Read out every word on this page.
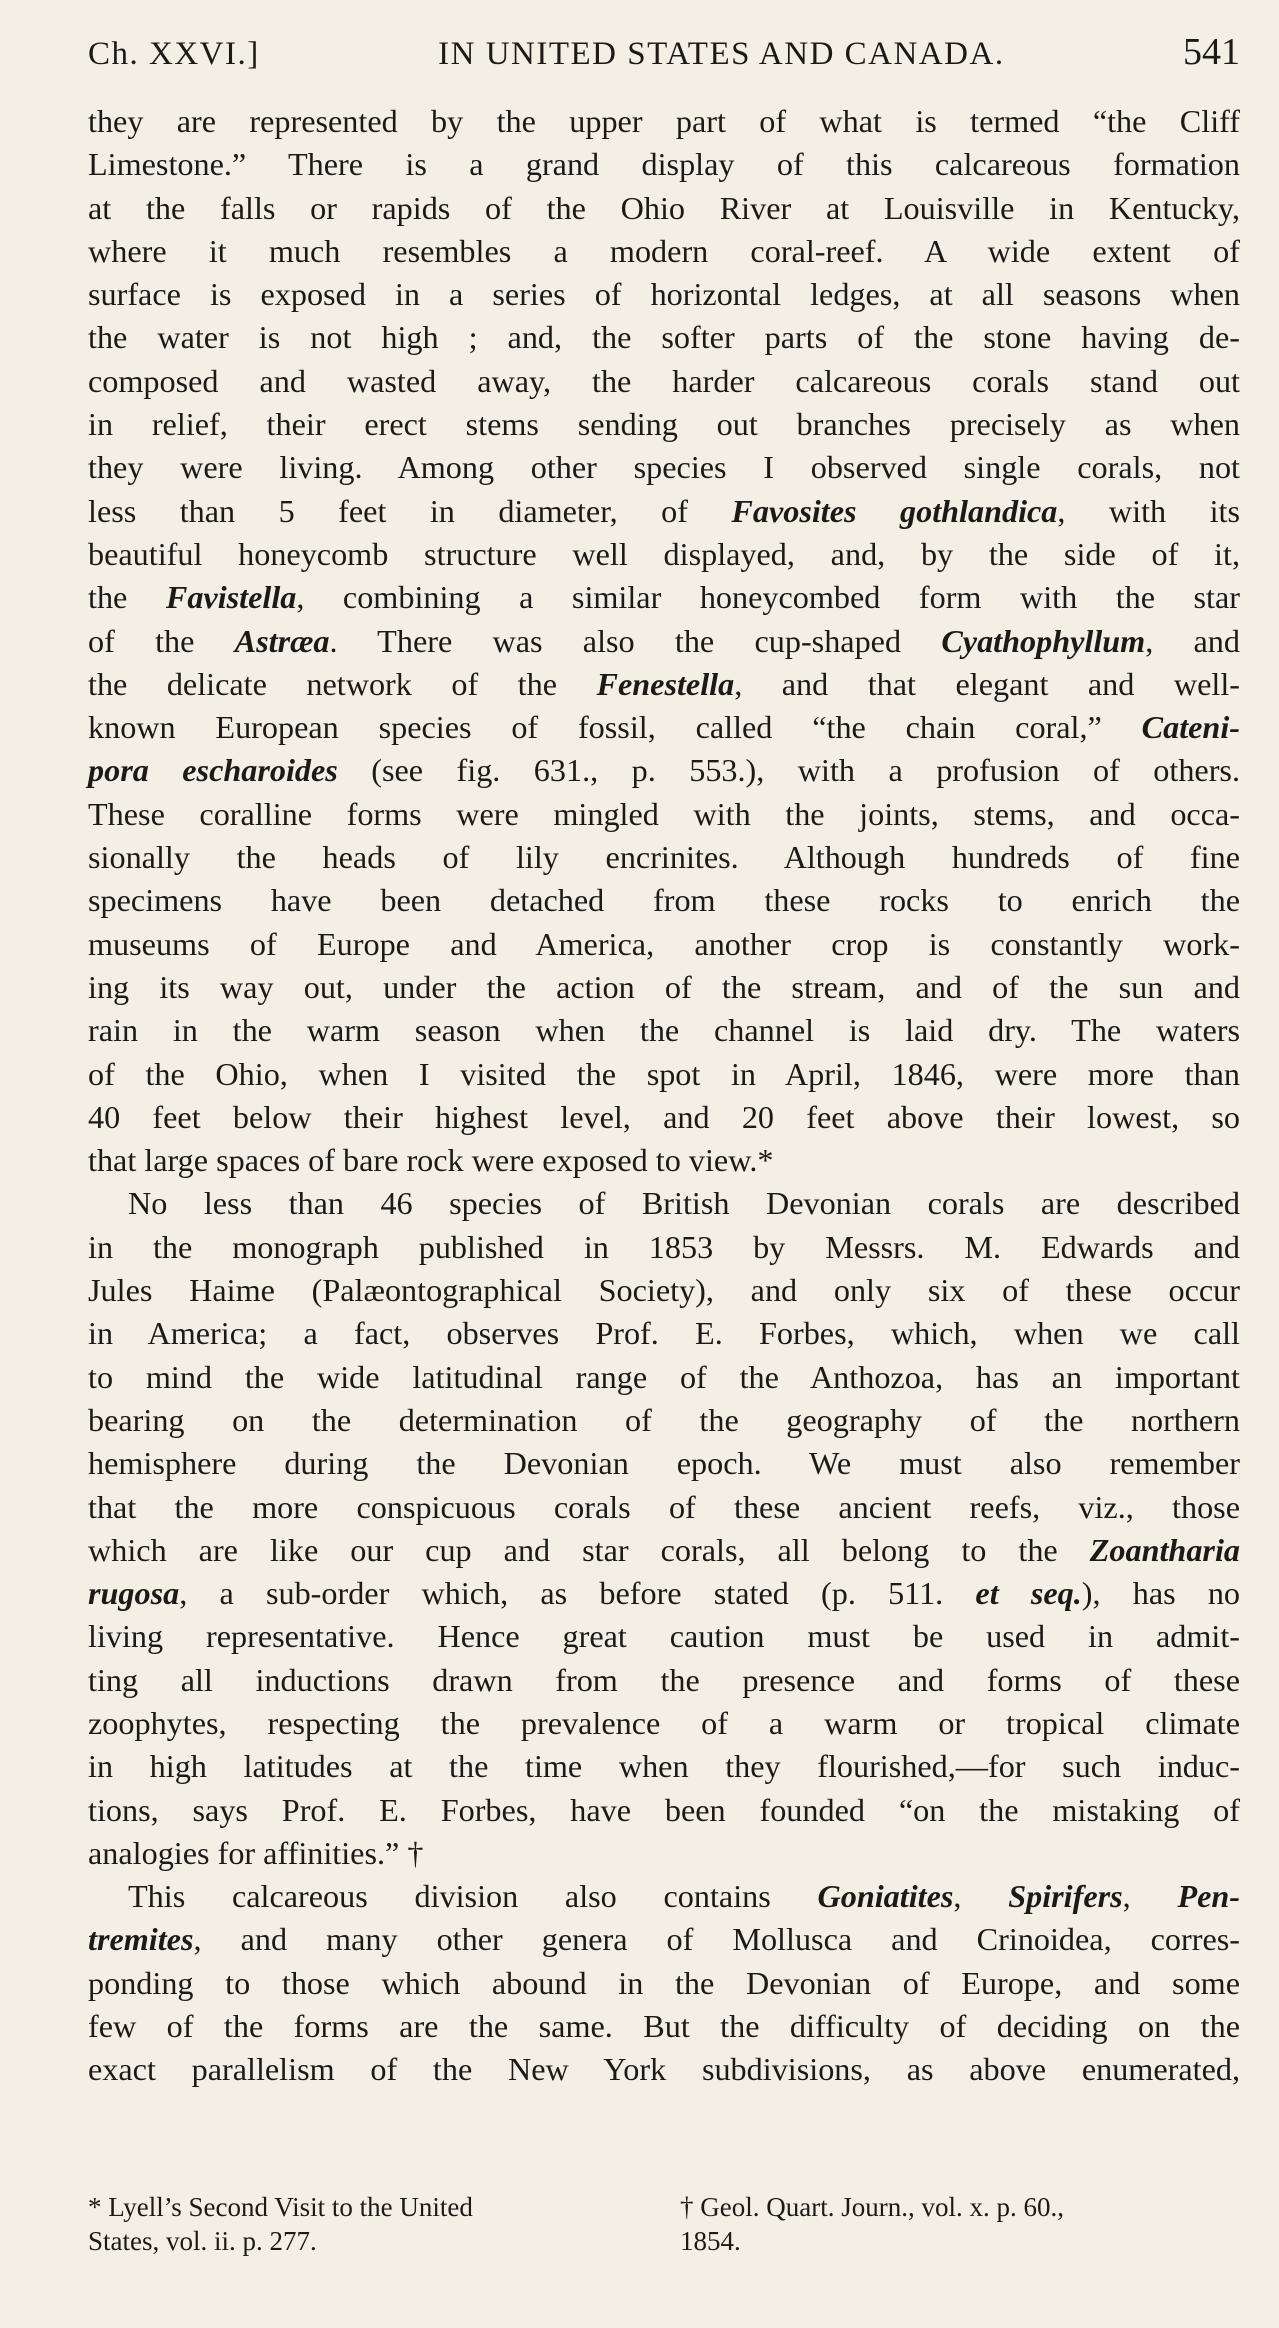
Ch. XXVI.]	IN UNITED STATES AND CANADA.	541
they are represented by the upper part of what is termed “the Cliff
Limestone.” There is a grand display of this calcareous formation
at the falls or rapids of the Ohio River at Louisville in Kentucky,
where it much resembles a modern coral-reef. A wide extent of
surface is exposed in a series of horizontal ledges, at all seasons when
the water is not high ; and, the softer parts of the stone having de-
composed and wasted away, the harder calcareous corals stand out
in relief, their erect stems sending out branches precisely as when
they were living. Among other species I observed single corals, not
less than 5 feet in diameter, of Favosites gothlandica, with its
beautiful honeycomb structure well displayed, and, by the side of it,
the Favistella, combining a similar honeycombed form with the star
of the Astræa. There was also the cup-shaped Cyathophyllum, and
the delicate network of the Fenestella, and that elegant and well-
known European species of fossil, called “the chain coral,” Cateni-
pora escharoides (see fig. 631., p. 553.), with a profusion of others.
These coralline forms were mingled with the joints, stems, and occa-
sionally the heads of lily encrinites. Although hundreds of fine
specimens have been detached from these rocks to enrich the
museums of Europe and America, another crop is constantly work-
ing its way out, under the action of the stream, and of the sun and
rain in the warm season when the channel is laid dry. The waters
of the Ohio, when I visited the spot in April, 1846, were more than
40 feet below their highest level, and 20 feet above their lowest, so
that large spaces of bare rock were exposed to view.*
No less than 46 species of British Devonian corals are described
in the monograph published in 1853 by Messrs. M. Edwards and
Jules Haime (Palæontographical Society), and only six of these occur
in America; a fact, observes Prof. E. Forbes, which, when we call
to mind the wide latitudinal range of the Anthozoa, has an important
bearing on the determination of the geography of the northern
hemisphere during the Devonian epoch. We must also remember
that the more conspicuous corals of these ancient reefs, viz., those
which are like our cup and star corals, all belong to the Zoantharia
rugosa, a sub-order which, as before stated (p. 511. et seq.), has no
living representative. Hence great caution must be used in admit-
ting all inductions drawn from the presence and forms of these
zoophytes, respecting the prevalence of a warm or tropical climate
in high latitudes at the time when they flourished,—for such induc-
tions, says Prof. E. Forbes, have been founded “on the mistaking of
analogies for affinities.” †
This calcareous division also contains Goniatites, Spirifers, Pen-
tremites, and many other genera of Mollusca and Crinoidea, corres-
ponding to those which abound in the Devonian of Europe, and some
few of the forms are the same. But the difficulty of deciding on the
exact parallelism of the New York subdivisions, as above enumerated,
* Lyell’s Second Visit to the United
States, vol. ii. p. 277.
† Geol. Quart. Journ., vol. x. p. 60.,
1854.
